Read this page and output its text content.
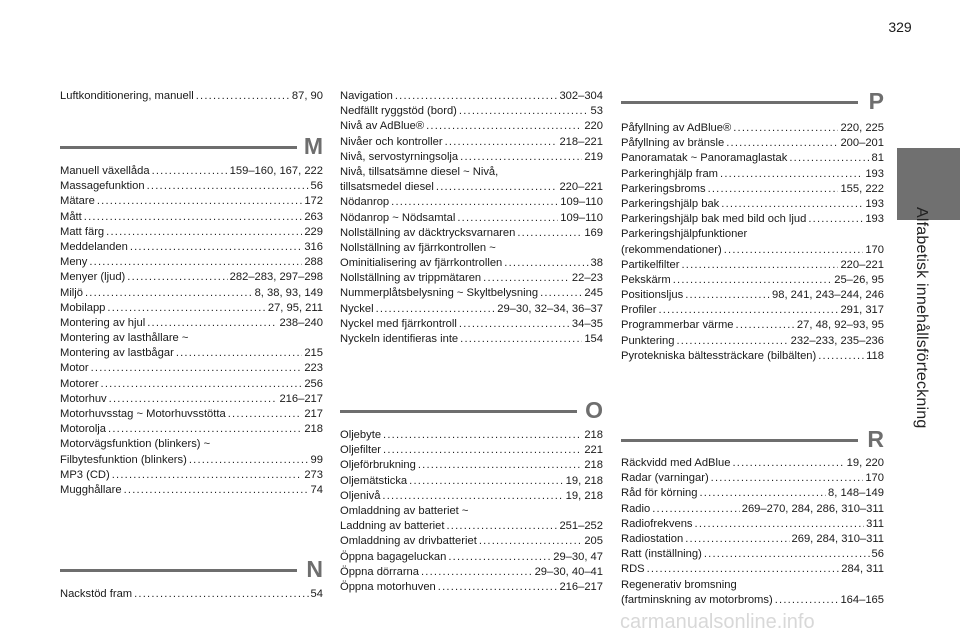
329
Alfabetisk innehållsförteckning
Luftkonditionering, manuell .....	87, 90
M
Manuell växellåda .....	159–160, 167, 222
Massagefunktion .....	56
Mätare .....	172
Mått .....	263
Matt färg .....	229
Meddelanden .....	316
Meny .....	288
Menyer (ljud) .....	282–283, 297–298
Miljö .....	8, 38, 93, 149
Mobilapp .....	27, 95, 211
Montering av hjul .....	238–240
Montering av lasthållare ~
Montering av lastbågar .....	215
Motor .....	223
Motorer .....	256
Motorhuv .....	216–217
Motorhuvsstag ~ Motorhuvsstötta .....	217
Motorolja .....	218
Motorvägsfunktion (blinkers) ~
Filbytesfunktion (blinkers) .....	99
MP3 (CD) .....	273
Mugghållare .....	74
N
Nackstöd fram .....	54
Navigation .....	302–304
Nedfällt ryggstöd (bord) .....	53
Nivå av AdBlue® .....	220
Nivåer och kontroller .....	218–221
Nivå, servostyrningsolja .....	219
Nivå, tillsatsämne diesel ~ Nivå,
tillsatsmedel diesel .....	220–221
Nödanrop .....	109–110
Nödanrop ~ Nödsamtal .....	109–110
Nollställning av däcktrycksvarnaren .....	169
Nollställning av fjärrkontrollen ~
Ominitialisering av fjärrkontrollen .....	38
Nollställning av trippmätaren .....	22–23
Nummerplåtsbelysning ~ Skyltbelysning .....	245
Nyckel .....	29–30, 32–34, 36–37
Nyckel med fjärrkontroll .....	34–35
Nyckeln identifieras inte .....	154
O
Oljebyte .....	218
Oljefilter .....	221
Oljeförbrukning .....	218
Oljemätsticka .....	19, 218
Oljenivå .....	19, 218
Omladdning av batteriet ~
Laddning av batteriet .....	251–252
Omladdning av drivbatteriet .....	205
Öppna bagageluckan .....	29–30, 47
Öppna dörrarna .....	29–30, 40–41
Öppna motorhuven .....	216–217
P
Påfyllning av AdBlue® .....	220, 225
Påfyllning av bränsle .....	200–201
Panoramatak ~ Panoramaglastak .....	81
Parkeringhjälp fram .....	193
Parkeringsbroms .....	155, 222
Parkeringshjälp bak .....	193
Parkeringshjälp bak med bild och ljud .....	193
Parkeringshjälpfunktioner
(rekommendationer) .....	170
Partikelfilter .....	220–221
Pekskärm .....	25–26, 95
Positionsljus .....	98, 241, 243–244, 246
Profiler .....	291, 317
Programmerbar värme .....	27, 48, 92–93, 95
Punktering .....	232–233, 235–236
Pyrotekniska bältessträckare (bilbälten) .....	118
R
Räckvidd med AdBlue .....	19, 220
Radar (varningar) .....	170
Råd för körning .....	8, 148–149
Radio .....	269–270, 284, 286, 310–311
Radiofrekvens .....	311
Radiostation .....	269, 284, 310–311
Ratt (inställning) .....	56
RDS .....	284, 311
Regenerativ bromsning
(fartminskning av motorbroms) .....	164–165
carmanualsonline.info
